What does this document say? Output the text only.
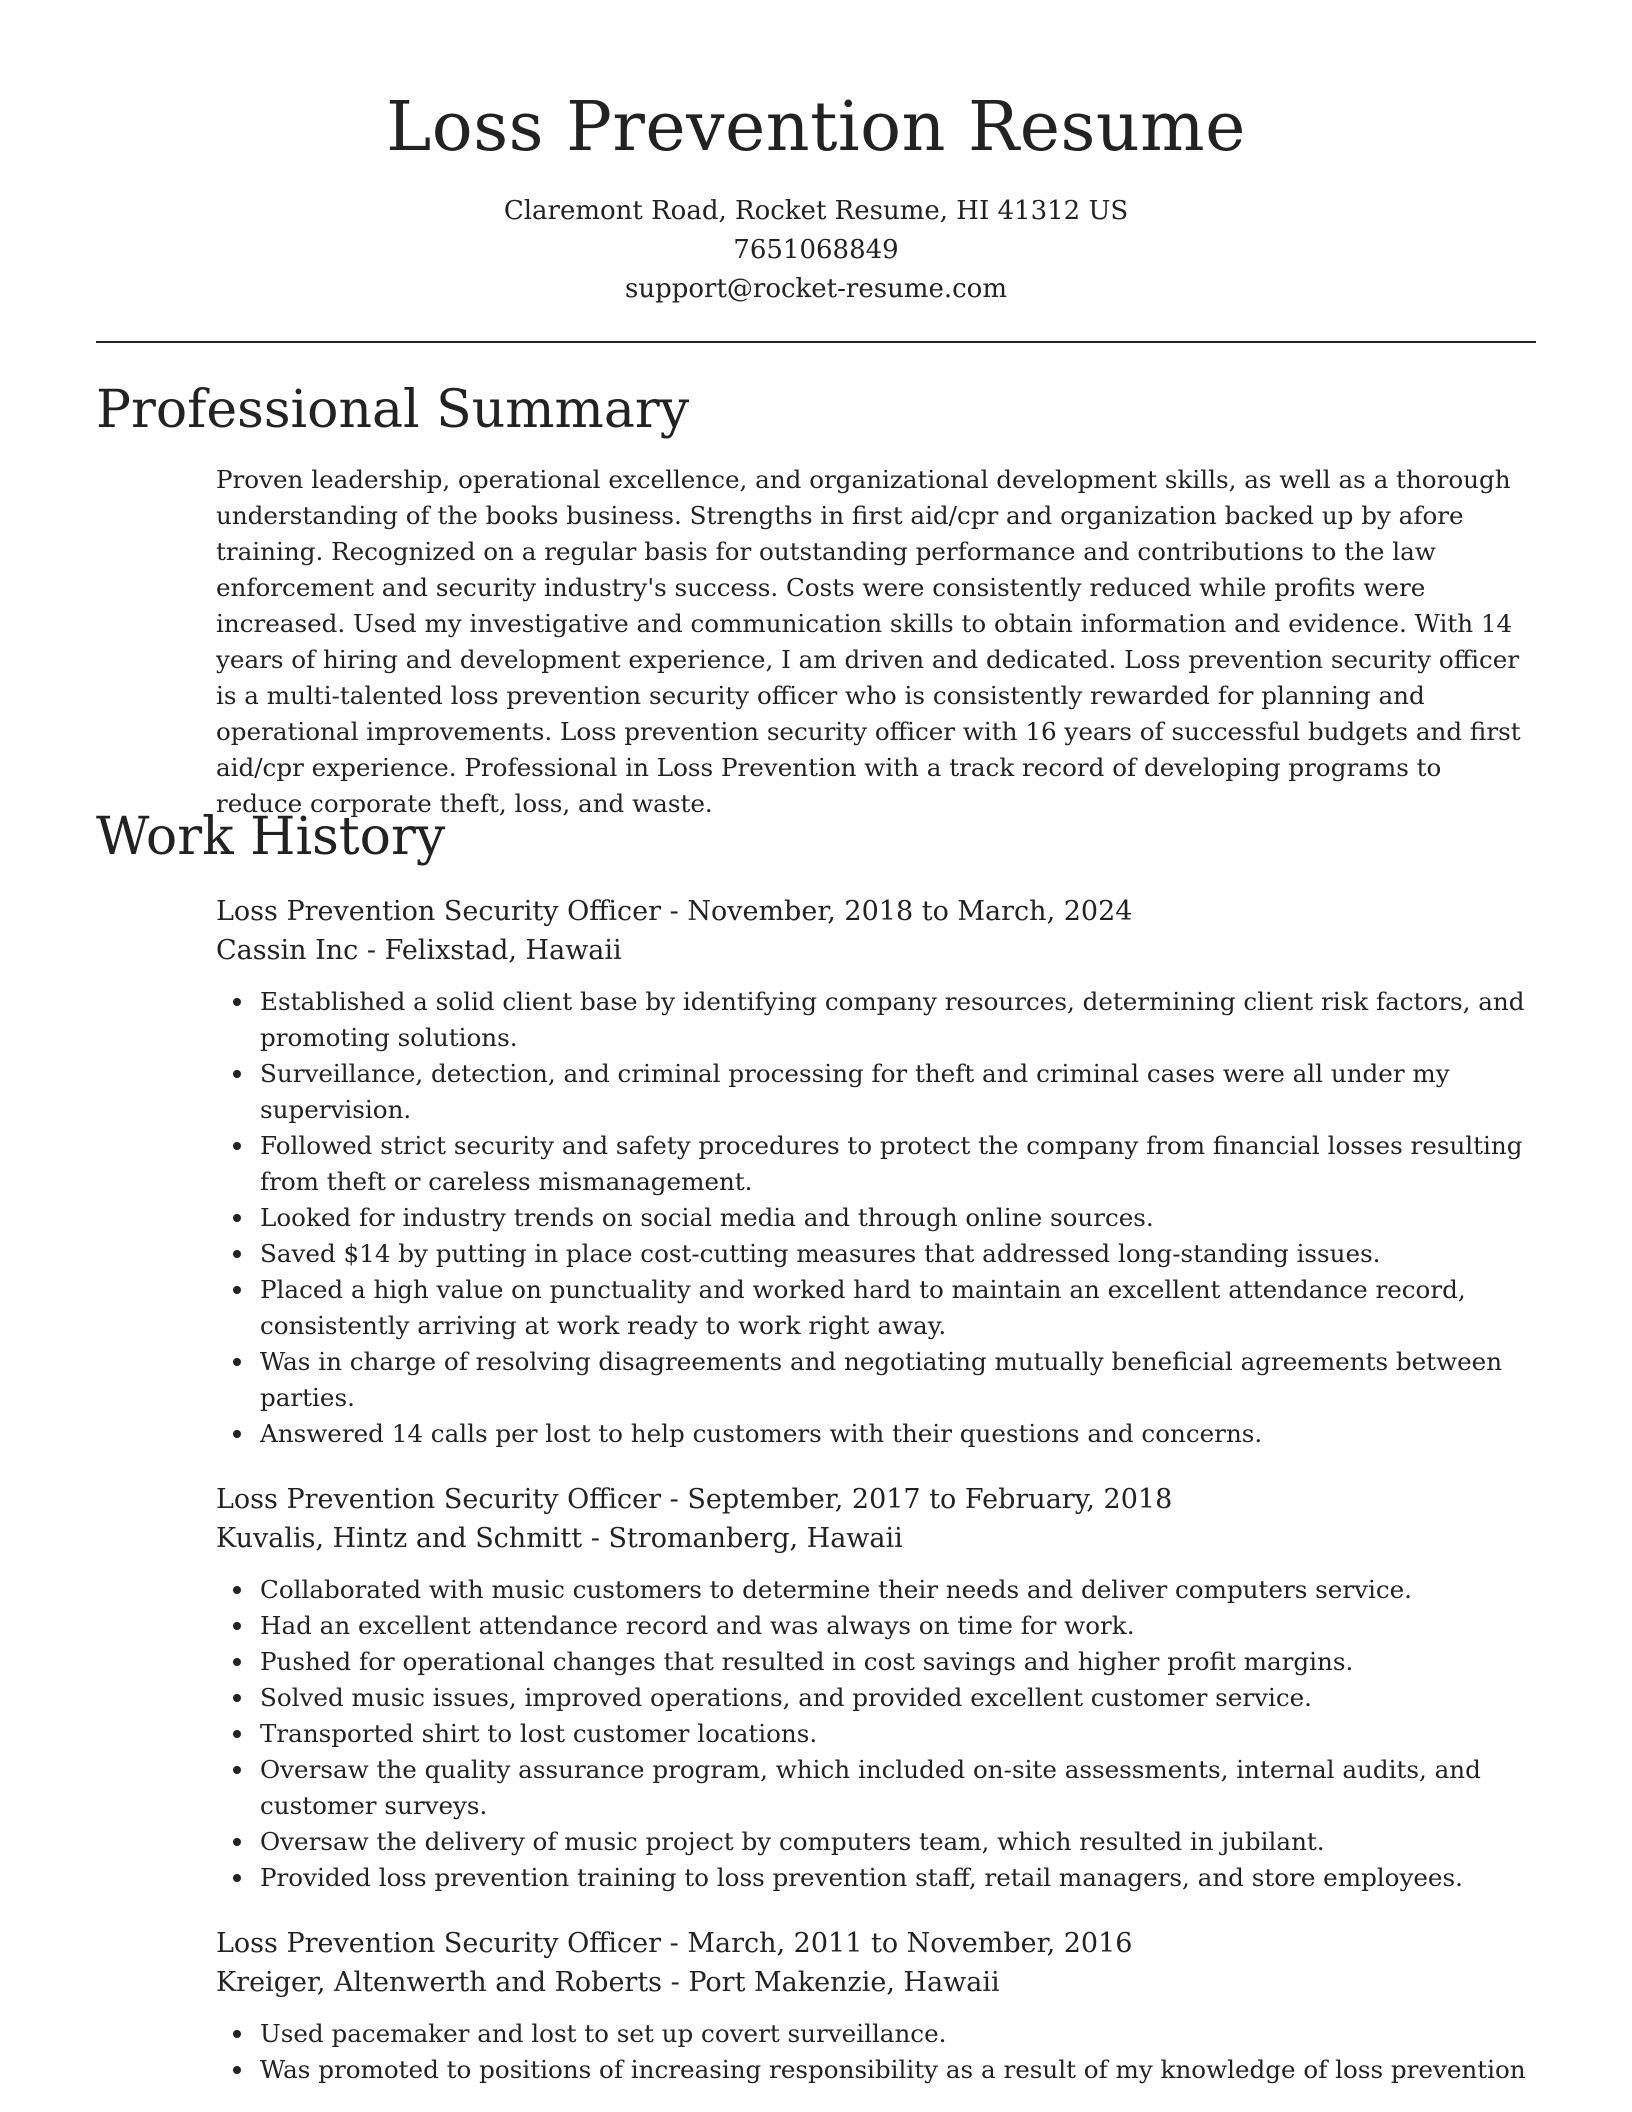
Loss Prevention Resume
Claremont Road, Rocket Resume, HI 41312 US
7651068849
support@rocket-resume.com
Professional Summary

Proven leadership, operational excellence, and organizational development skills, as well as a thorough understanding of the books business. Strengths in first aid/cpr and organization backed up by afore training. Recognized on a regular basis for outstanding performance and contributions to the law enforcement and security industry's success. Costs were consistently reduced while profits were increased. Used my investigative and communication skills to obtain information and evidence. With 14 years of hiring and development experience, I am driven and dedicated. Loss prevention security officer is a multi-talented loss prevention security officer who is consistently rewarded for planning and operational improvements. Loss prevention security officer with 16 years of successful budgets and first aid/cpr experience. Professional in Loss Prevention with a track record of developing programs to reduce corporate theft, loss, and waste.

Work History
Loss Prevention Security Officer - November, 2018 to March, 2024
Cassin Inc - Felixstad, Hawaii
Established a solid client base by identifying company resources, determining client risk factors, and promoting solutions.
Surveillance, detection, and criminal processing for theft and criminal cases were all under my supervision.
Followed strict security and safety procedures to protect the company from financial losses resulting from theft or careless mismanagement.
Looked for industry trends on social media and through online sources.
Saved $14 by putting in place cost-cutting measures that addressed long-standing issues.
Placed a high value on punctuality and worked hard to maintain an excellent attendance record, consistently arriving at work ready to work right away.
Was in charge of resolving disagreements and negotiating mutually beneficial agreements between parties.
Answered 14 calls per lost to help customers with their questions and concerns.
Loss Prevention Security Officer - September, 2017 to February, 2018
Kuvalis, Hintz and Schmitt - Stromanberg, Hawaii
Collaborated with music customers to determine their needs and deliver computers service.
Had an excellent attendance record and was always on time for work.
Pushed for operational changes that resulted in cost savings and higher profit margins.
Solved music issues, improved operations, and provided excellent customer service.
Transported shirt to lost customer locations.
Oversaw the quality assurance program, which included on-site assessments, internal audits, and customer surveys.
Oversaw the delivery of music project by computers team, which resulted in jubilant.
Provided loss prevention training to loss prevention staff, retail managers, and store employees.
Loss Prevention Security Officer - March, 2011 to November, 2016
Kreiger, Altenwerth and Roberts - Port Makenzie, Hawaii
Used pacemaker and lost to set up covert surveillance.
Was promoted to positions of increasing responsibility as a result of my knowledge of loss prevention
